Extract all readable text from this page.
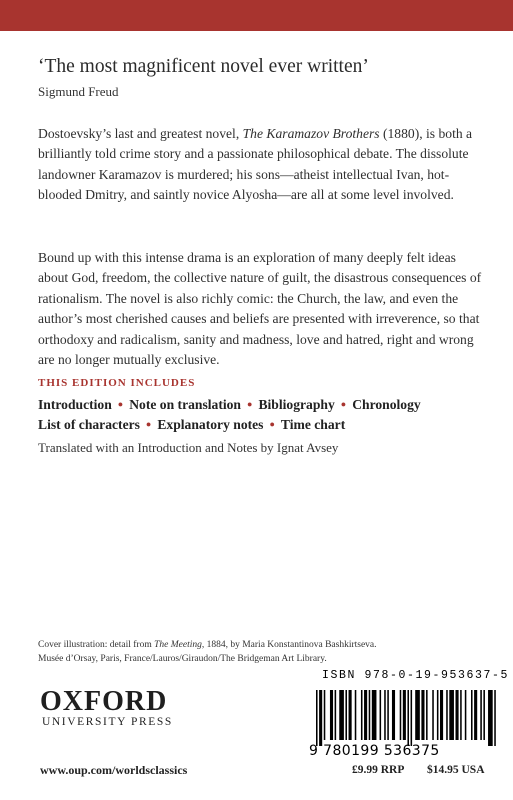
‘The most magnificent novel ever written’
Sigmund Freud

Dostoevsky’s last and greatest novel, The Karamazov Brothers (1880), is both a brilliantly told crime story and a passionate philosophical debate. The dissolute landowner Karamazov is murdered; his sons—atheist intellectual Ivan, hot-blooded Dmitry, and saintly novice Alyosha—are all at some level involved.

Bound up with this intense drama is an exploration of many deeply felt ideas about God, freedom, the collective nature of guilt, the disastrous consequences of rationalism. The novel is also richly comic: the Church, the law, and even the author’s most cherished causes and beliefs are presented with irreverence, so that orthodoxy and radicalism, sanity and madness, love and hatred, right and wrong are no longer mutually exclusive.

THIS EDITION INCLUDES
Introduction ● Note on translation ● Bibliography ● Chronology
List of characters ● Explanatory notes ● Time chart
Translated with an Introduction and Notes by Ignat Avsey
Cover illustration: detail from The Meeting, 1884, by Maria Konstantinova Bashkirtseva.
Musée d’Orsay, Paris, France/Lauros/Giraudon/The Bridgeman Art Library.
OXFORD
UNIVERSITY PRESS
www.oup.com/worldsclassics
ISBN 978-0-19-953637-5
9 780199 536375
£9.99 RRP $14.95 USA
